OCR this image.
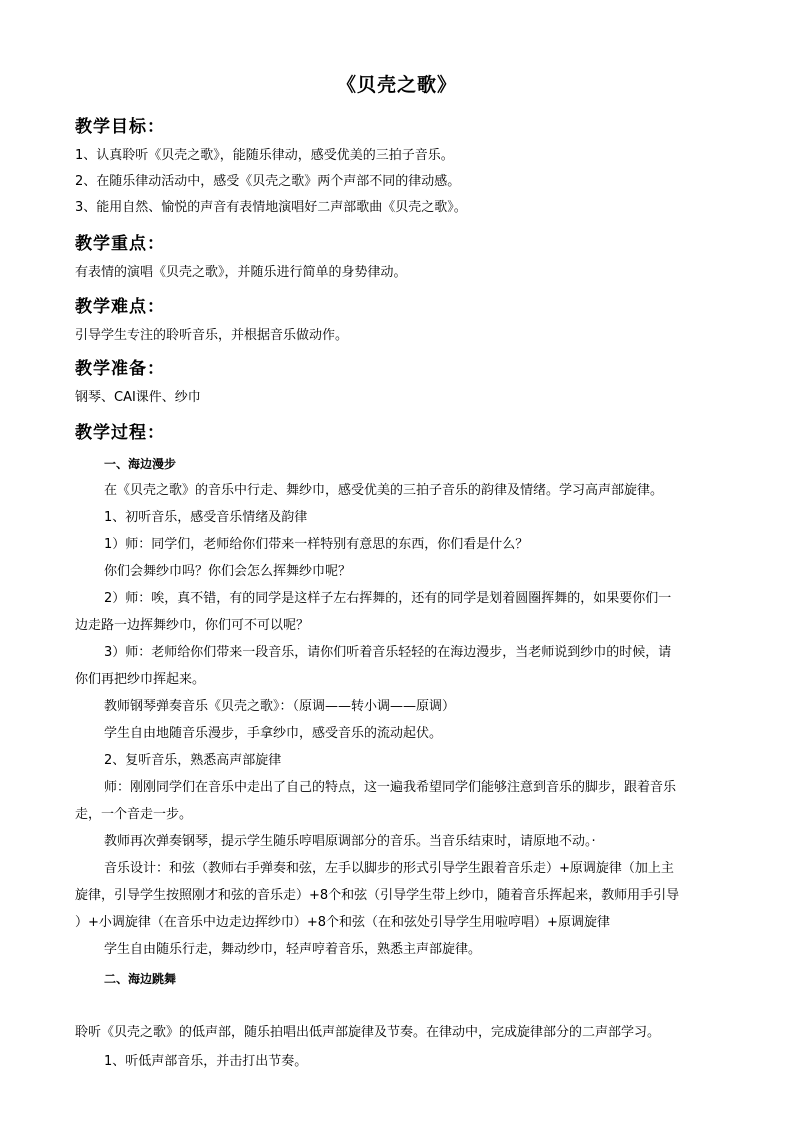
《贝壳之歌》
教学目标：
1、认真聆听《贝壳之歌》，能随乐律动，感受优美的三拍子音乐。
2、在随乐律动活动中，感受《贝壳之歌》两个声部不同的律动感。
3、能用自然、愉悦的声音有表情地演唱好二声部歌曲《贝壳之歌》。
教学重点：
有表情的演唱《贝壳之歌》，并随乐进行简单的身势律动。
教学难点：
引导学生专注的聆听音乐，并根据音乐做动作。
教学准备：
钢琴、CAI课件、纱巾
教学过程：
一、海边漫步
在《贝壳之歌》的音乐中行走、舞纱巾，感受优美的三拍子音乐的韵律及情绪。学习高声部旋律。
1、初听音乐，感受音乐情绪及韵律
1）师：同学们，老师给你们带来一样特别有意思的东西，你们看是什么？
你们会舞纱巾吗？你们会怎么挥舞纱巾呢？
2）师：唉，真不错，有的同学是这样子左右挥舞的，还有的同学是划着圆圈挥舞的，如果要你们一
边走路一边挥舞纱巾，你们可不可以呢？
3）师：老师给你们带来一段音乐，请你们听着音乐轻轻的在海边漫步，当老师说到纱巾的时候，请
你们再把纱巾挥起来。
教师钢琴弹奏音乐《贝壳之歌》：（原调——转小调——原调）
学生自由地随音乐漫步，手拿纱巾，感受音乐的流动起伏。
2、复听音乐，熟悉高声部旋律
师：刚刚同学们在音乐中走出了自己的特点，这一遍我希望同学们能够注意到音乐的脚步，跟着音乐
走，一个音走一步。
教师再次弹奏钢琴，提示学生随乐哼唱原调部分的音乐。当音乐结束时，请原地不动。·
音乐设计：和弦（教师右手弹奏和弦，左手以脚步的形式引导学生跟着音乐走）+原调旋律（加上主
旋律，引导学生按照刚才和弦的音乐走）+8个和弦（引导学生带上纱巾，随着音乐挥起来，教师用手引导
）+小调旋律（在音乐中边走边挥纱巾）+8个和弦（在和弦处引导学生用啦哼唱）+原调旋律
学生自由随乐行走，舞动纱巾，轻声哼着音乐，熟悉主声部旋律。
二、海边跳舞
聆听《贝壳之歌》的低声部，随乐拍唱出低声部旋律及节奏。在律动中，完成旋律部分的二声部学习。
1、听低声部音乐，并击打出节奏。
